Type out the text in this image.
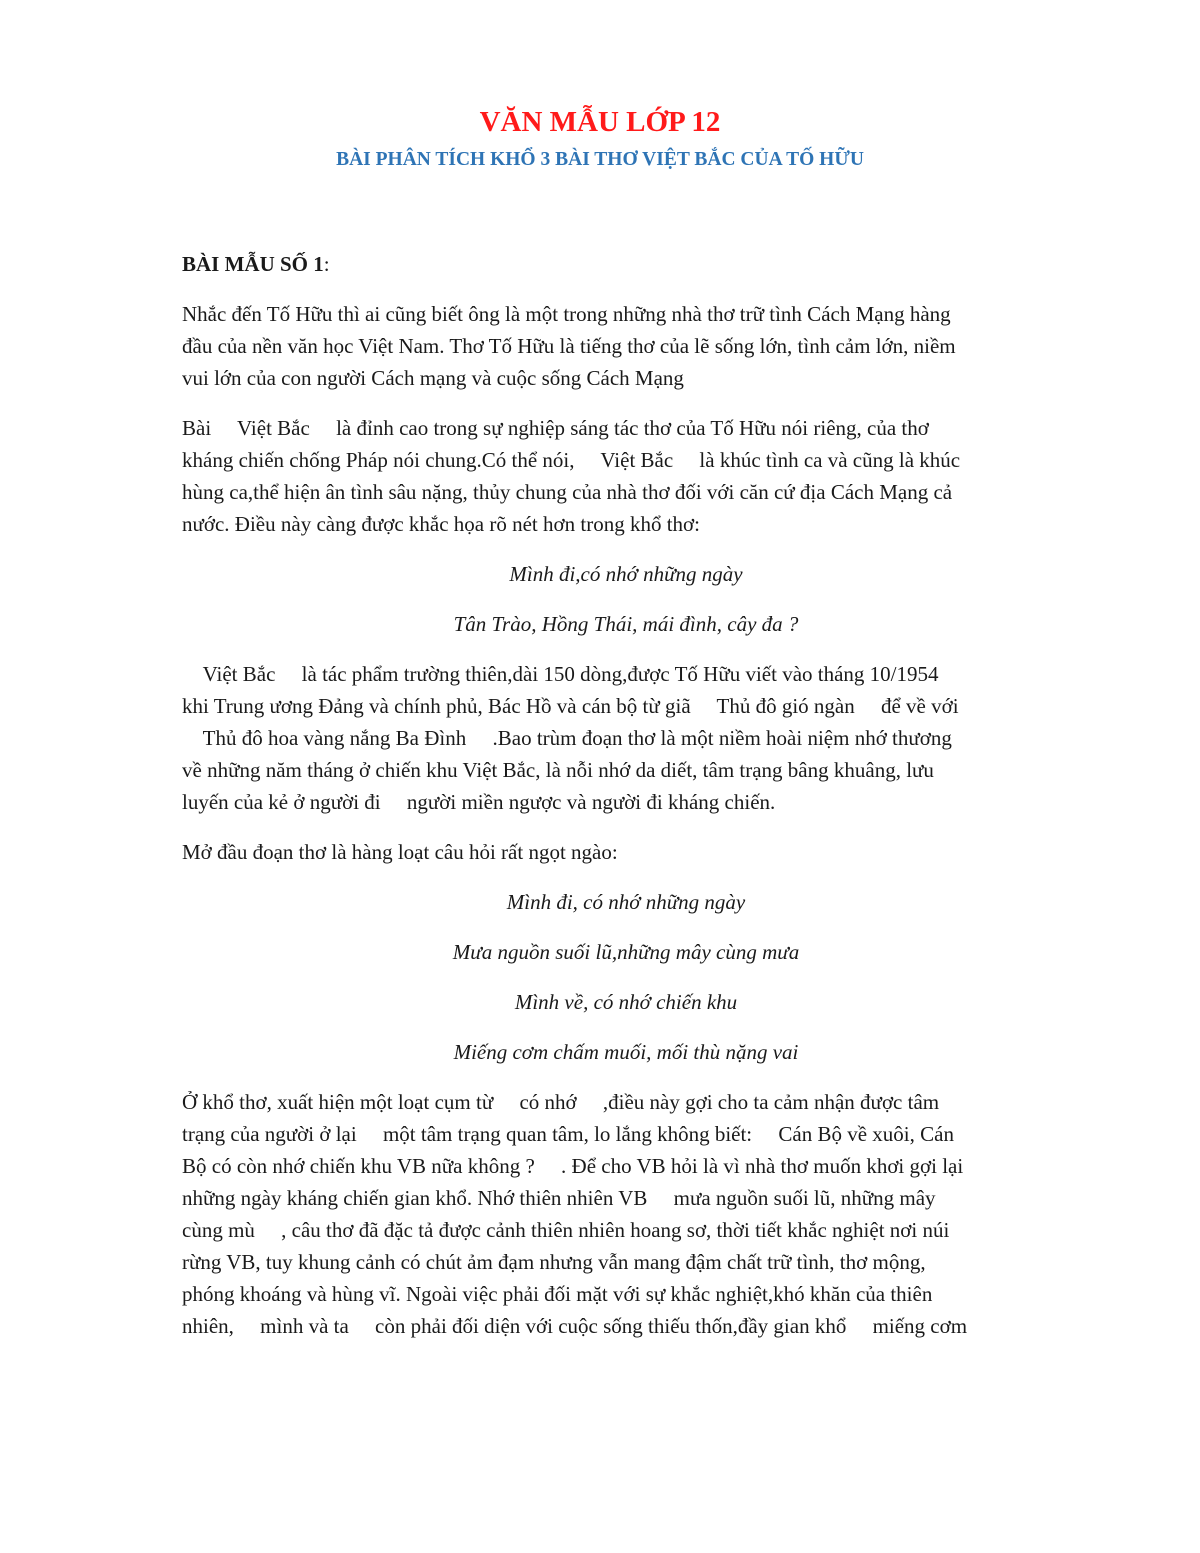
VĂN MẪU LỚP 12
BÀI PHÂN TÍCH KHỔ 3 BÀI THƠ VIỆT BẮC CỦA TỐ HỮU
BÀI MẪU SỐ 1:
Nhắc đến Tố Hữu thì ai cũng biết ông là một trong những nhà thơ trữ tình Cách Mạng hàng
đầu của nền văn học Việt Nam. Thơ Tố Hữu là tiếng thơ của lẽ sống lớn, tình cảm lớn, niềm
vui lớn của con người Cách mạng và cuộc sống Cách Mạng
Bài     Việt Bắc     là đỉnh cao trong sự nghiệp sáng tác thơ của Tố Hữu nói riêng, của thơ
kháng chiến chống Pháp nói chung.Có thể nói,     Việt Bắc     là khúc tình ca và cũng là khúc
hùng ca,thể hiện ân tình sâu nặng, thủy chung của nhà thơ đối với căn cứ địa Cách Mạng cả
nước. Điều này càng được khắc họa rõ nét hơn trong khổ thơ:
Mình đi,có nhớ những ngày
Tân Trào, Hồng Thái, mái đình, cây đa ?
Việt Bắc     là tác phẩm trường thiên,dài 150 dòng,được Tố Hữu viết vào tháng 10/1954
khi Trung ương Đảng và chính phủ, Bác Hồ và cán bộ từ giã     Thủ đô gió ngàn     để về với
Thủ đô hoa vàng nắng Ba Đình     .Bao trùm đoạn thơ là một niềm hoài niệm nhớ thương
về những năm tháng ở chiến khu Việt Bắc, là nỗi nhớ da diết, tâm trạng bâng khuâng, lưu
luyến của kẻ ở người đi     người miền ngược và người đi kháng chiến.
Mở đầu đoạn thơ là hàng loạt câu hỏi rất ngọt ngào:
Mình đi, có nhớ những ngày
Mưa nguồn suối lũ,những mây cùng mưa
Mình về, có nhớ chiến khu
Miếng cơm chấm muối, mối thù nặng vai
Ở khổ thơ, xuất hiện một loạt cụm từ     có nhớ     ,điều này gợi cho ta cảm nhận được tâm
trạng của người ở lại     một tâm trạng quan tâm, lo lắng không biết:     Cán Bộ về xuôi, Cán
Bộ có còn nhớ chiến khu VB nữa không ?     . Để cho VB hỏi là vì nhà thơ muốn khơi gợi lại
những ngày kháng chiến gian khổ. Nhớ thiên nhiên VB     mưa nguồn suối lũ, những mây
cùng mù     , câu thơ đã đặc tả được cảnh thiên nhiên hoang sơ, thời tiết khắc nghiệt nơi núi
rừng VB, tuy khung cảnh có chút ảm đạm nhưng vẫn mang đậm chất trữ tình, thơ mộng,
phóng khoáng và hùng vĩ. Ngoài việc phải đối mặt với sự khắc nghiệt,khó khăn của thiên
nhiên,     mình và ta     còn phải đối diện với cuộc sống thiếu thốn,đầy gian khổ     miếng cơm
